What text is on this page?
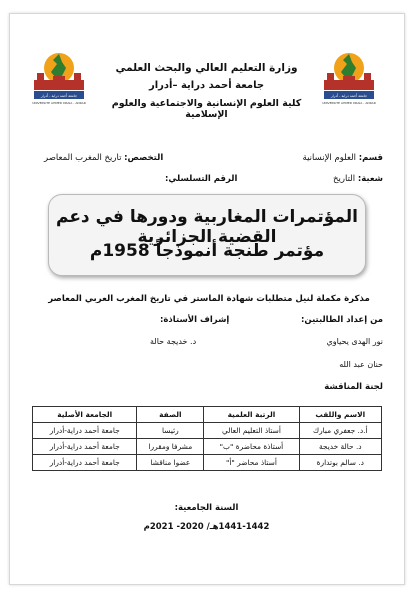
جامعة أحمد دراية - أدرار
UNIVERSITE AHMED DRAIA - ADRAR
جامعة أحمد دراية - أدرار
UNIVERSITE AHMED DRAIA - ADRAR
وزارة التعليم العالي والبحث العلمي
جامعة أحمد دراية –أدرار
كلية العلوم الإنسانية والاجتماعية والعلوم الإسلامية
قسم: العلوم الإنسانية
شعبة: التاريخ
التخصص: تاريخ المغرب المعاصر
الرقم التسلسلي:
المؤتمرات المغاربية ودورها في دعم القضية الجزائرية
مؤتمر طنجة أنموذجاً 1958م
مذكرة مكملة لنيل متطلبات شهادة الماستر في تاريخ المغرب العربي المعاصر
من إعداد الطالبتين:
إشراف الأستاذة:
نور الهدى يحياوي
د. خديجة حالة
حنان عبد الله
لجنة المناقشة
الاسم واللقب	الرتبة العلمية	الصفة	الجامعة الأصلية
أ.د. جعفري مبارك	أستاذ التعليم العالي	رئيسا	جامعة أحمد دراية-أدرار
د. حالة خديجة	أستاذة محاضرة "ب"	مشرفا ومقررا	جامعة أحمد دراية-أدرار
د. سالم بوتدارة	أستاذ محاضر "أ"	عضوا مناقشا	جامعة أحمد دراية-أدرار
السنة الجامعية:
1441-1442هـ/ 2020- 2021م
